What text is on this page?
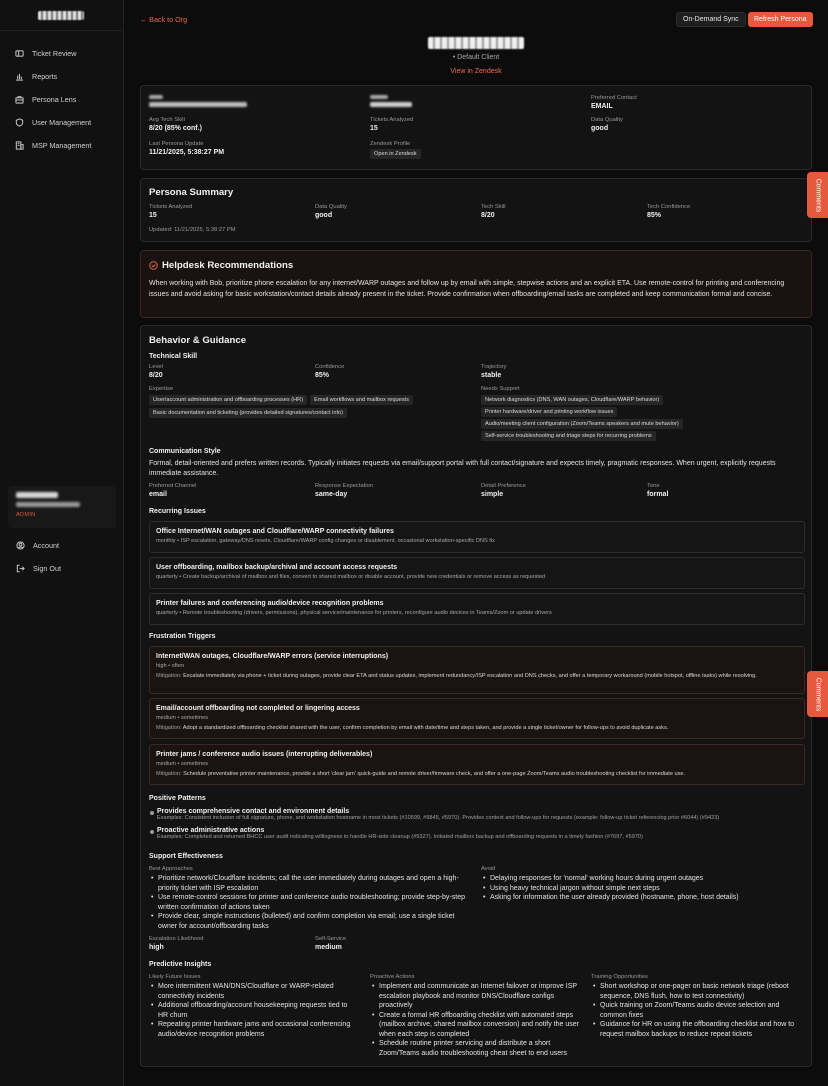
Ticket Review
Reports
Persona Lens
User Management
MSP Management
ADMIN
Account
Sign Out
← Back to Org	On-Demand Sync	Refresh Persona
• Default Client
View in Zendesk
Preferred Contact
EMAIL
Avg Tech Skill
8/20 (85% conf.)
Tickets Analyzed
15
Data Quality
good
Last Persona Update
11/21/2025, 5:38:27 PM
Zendesk Profile
Open in Zendesk
Persona Summary
Tickets Analyzed
15
Data Quality
good
Tech Skill
8/20
Tech Confidence
85%
Updated: 11/21/2025, 5:38:27 PM
Helpdesk Recommendations
When working with Bob, prioritize phone escalation for any internet/WARP outages and follow up by email with simple, stepwise actions and an explicit ETA. Use remote-control for printing and conferencing issues and avoid asking for basic workstation/contact details already present in the ticket. Provide confirmation when offboarding/email tasks are completed and keep communication formal and concise.
Behavior & Guidance
Technical Skill
Level
8/20
Confidence
85%
Trajectory
stable
Expertise
User/account administration and offboarding processes (HR) Email workflows and mailbox requestsBasic documentation and ticketing (provides detailed signatures/contact info)
Needs Support
Network diagnostics (DNS, WAN outages, Cloudflare/WARP behavior)
Printer hardware/driver and printing workflow issues
Audio/meeting client configuration (Zoom/Teams speakers and mute behavior)
Self-service troubleshooting and triage steps for recurring problems
Communication Style
Formal, detail-oriented and prefers written records. Typically initiates requests via email/support portal with full contact/signature and expects timely, pragmatic responses. When urgent, explicitly requests immediate assistance.
Preferred Channel
email
Response Expectation
same-day
Detail Preference
simple
Tone
formal
Recurring Issues
Office Internet/WAN outages and Cloudflare/WARP connectivity failures
monthly • ISP escalation, gateway/DNS resets, Cloudflare/WARP config changes or disablement, occasional workstation-specific DNS fix
User offboarding, mailbox backup/archival and account access requests
quarterly • Create backup/archival of mailbox and files, convert to shared mailbox or disable account, provide new credentials or remove access as requested
Printer failures and conferencing audio/device recognition problems
quarterly • Remote troubleshooting (drivers, permissions), physical service/maintenance for printers, reconfigure audio devices in Teams/Zoom or update drivers
Frustration Triggers
Internet/WAN outages, Cloudflare/WARP errors (service interruptions)
high • often
Mitigation: Escalate immediately via phone + ticket during outages, provide clear ETA and status updates, implement redundancy/ISP escalation and DNS checks, and offer a temporary workaround (mobile hotspot, offline tasks) while resolving.
Email/account offboarding not completed or lingering access
medium • sometimes
Mitigation: Adopt a standardized offboarding checklist shared with the user, confirm completion by email with date/time and steps taken, and provide a single ticket/owner for follow-ups to avoid duplicate asks.
Printer jams / conference audio issues (interrupting deliverables)
medium • sometimes
Mitigation: Schedule preventative printer maintenance, provide a short 'clear jam' quick-guide and remote driver/firmware check, and offer a one-page Zoom/Teams audio troubleshooting checklist for immediate use.
Positive Patterns
Provides comprehensive contact and environment details
Examples: Consistent inclusion of full signature, phone, and workstation hostname in most tickets (#10599, #9845, #5970). Provides context and follow-ups for requests (example: follow-up ticket referencing prior #6044) (#9423)
Proactive administrative actions
Examples: Completed and returned BHCC user audit indicating willingness to handle HR-side cleanup (#5327). Initiated mailbox backup and offboarding requests in a timely fashion (#7697, #5970)
Support Effectiveness
Best Approaches
• Prioritize network/Cloudflare incidents; call the user immediately during outages and open a high-priority ticket with ISP escalation
• Use remote-control sessions for printer and conference audio troubleshooting; provide step-by-step written confirmation of actions taken
• Provide clear, simple instructions (bulleted) and confirm completion via email; use a single ticket owner for account/offboarding tasks
Avoid
• Delaying responses for 'normal' working hours during urgent outages
• Using heavy technical jargon without simple next steps
• Asking for information the user already provided (hostname, phone, host details)
Escalation Likelihood
high
Self-Service
medium
Predictive Insights
Likely Future Issues
• More intermittent WAN/DNS/Cloudflare or WARP-related connectivity incidents
• Additional offboarding/account housekeeping requests tied to HR churn
• Repeating printer hardware jams and occasional conferencing audio/device recognition problems
Proactive Actions
• Implement and communicate an Internet failover or improve ISP escalation playbook and monitor DNS/Cloudflare configs proactively
• Create a formal HR offboarding checklist with automated steps (mailbox archive, shared mailbox conversion) and notify the user when each step is completed
• Schedule routine printer servicing and distribute a short Zoom/Teams audio troubleshooting cheat sheet to end users
Training Opportunities
• Short workshop or one-pager on basic network triage (reboot sequence, DNS flush, how to test connectivity)
• Quick training on Zoom/Teams audio device selection and common fixes
• Guidance for HR on using the offboarding checklist and how to request mailbox backups to reduce repeat tickets
Comments
Comments
